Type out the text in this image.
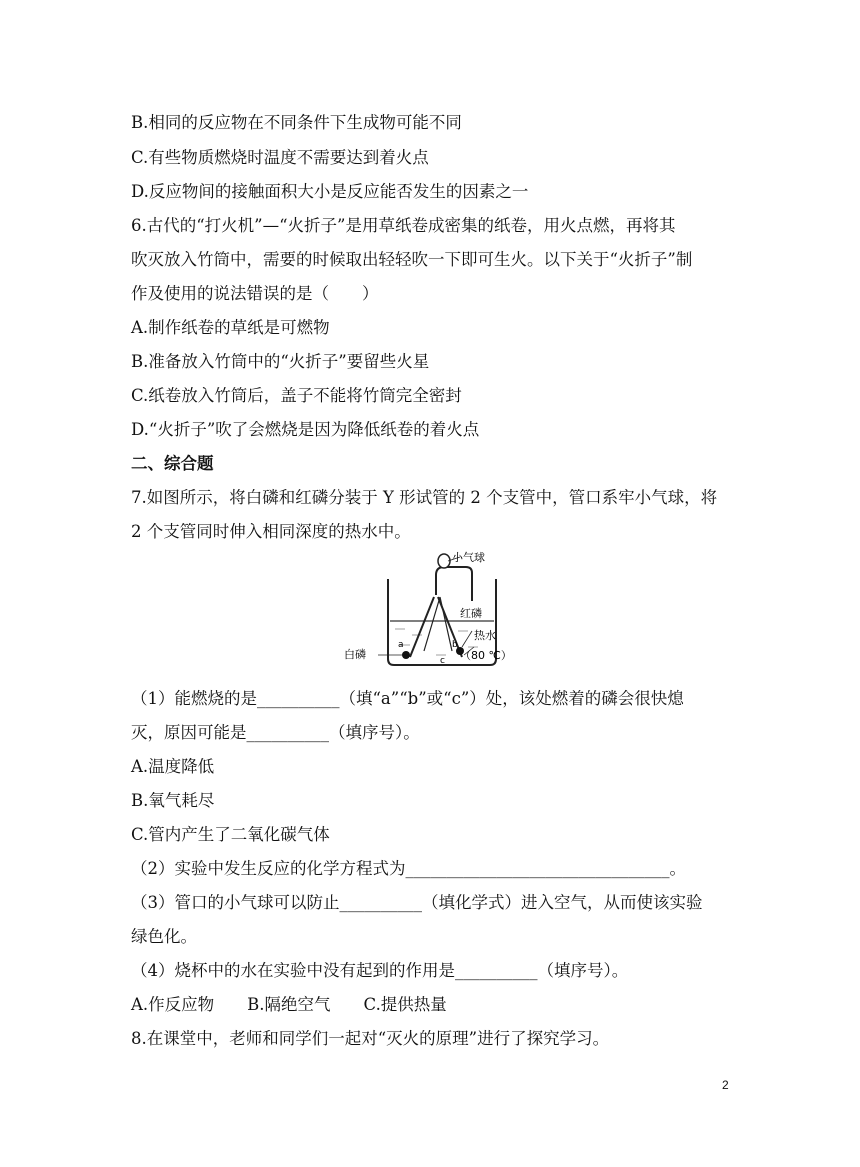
B.相同的反应物在不同条件下生成物可能不同
C.有些物质燃烧时温度不需要达到着火点
D.反应物间的接触面积大小是反应能否发生的因素之一
6.古代的“打火机”—“火折子”是用草纸卷成密集的纸卷，用火点燃，再将其
吹灭放入竹筒中，需要的时候取出轻轻吹一下即可生火。以下关于“火折子”制
作及使用的说法错误的是（　　）
A.制作纸卷的草纸是可燃物
B.准备放入竹筒中的“火折子”要留些火星
C.纸卷放入竹筒后，盖子不能将竹筒完全密封
D.“火折子”吹了会燃烧是因为降低纸卷的着火点
二、综合题
7.如图所示，将白磷和红磷分装于 Y 形试管的 2 个支管中，管口系牢小气球，将
2 个支管同时伸入相同深度的热水中。
小气球
红磷
热水
（80 ℃）
白磷
a	b
c
（1）能燃烧的是__________（填“a”“b”或“c”）处，该处燃着的磷会很快熄
灭，原因可能是__________（填序号）。
A.温度降低
B.氧气耗尽
C.管内产生了二氧化碳气体
（2）实验中发生反应的化学方程式为________________________________。
（3）管口的小气球可以防止__________（填化学式）进入空气，从而使该实验
绿色化。
（4）烧杯中的水在实验中没有起到的作用是__________（填序号）。
A.作反应物　　B.隔绝空气　　C.提供热量
8.在课堂中，老师和同学们一起对“灭火的原理”进行了探究学习。
2
